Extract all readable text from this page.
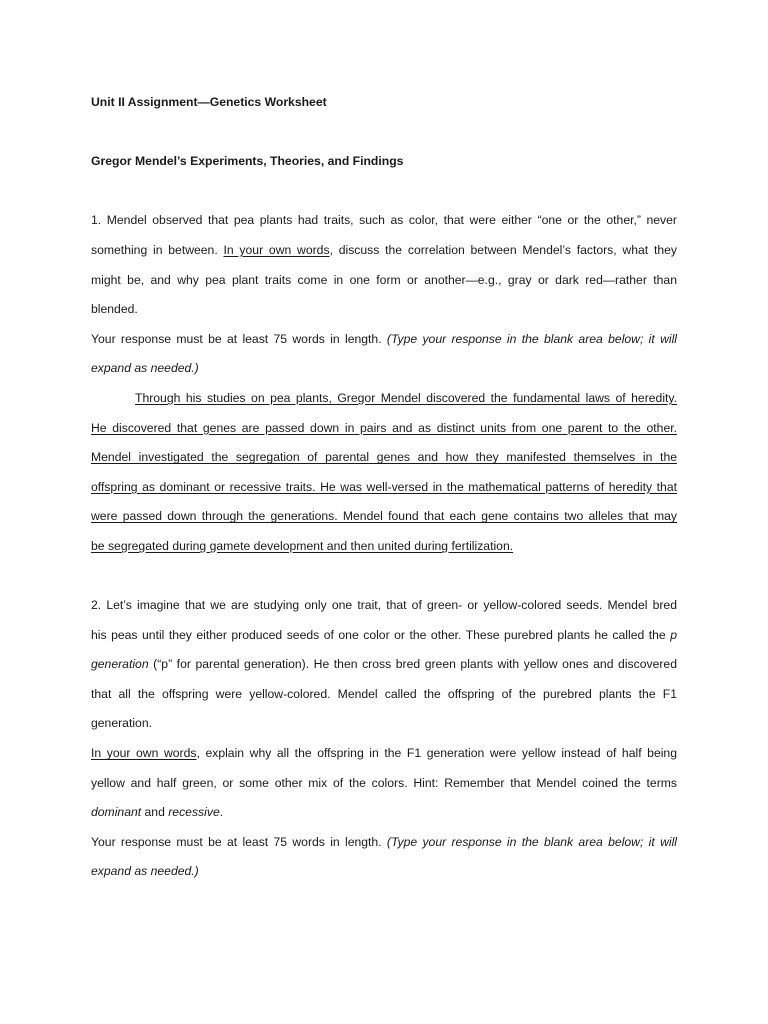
Unit II Assignment—Genetics Worksheet
Gregor Mendel’s Experiments, Theories, and Findings
1. Mendel observed that pea plants had traits, such as color, that were either “one or the other,” never
something in between. In your own words, discuss the correlation between Mendel’s factors, what they
might be, and why pea plant traits come in one form or another—e.g., gray or dark red—rather than
blended.
Your response must be at least 75 words in length. (Type your response in the blank area below; it will
expand as needed.)
Through his studies on pea plants, Gregor Mendel discovered the fundamental laws of heredity.
He discovered that genes are passed down in pairs and as distinct units from one parent to the other.
Mendel investigated the segregation of parental genes and how they manifested themselves in the
offspring as dominant or recessive traits. He was well-versed in the mathematical patterns of heredity that
were passed down through the generations. Mendel found that each gene contains two alleles that may
be segregated during gamete development and then united during fertilization.
2. Let’s imagine that we are studying only one trait, that of green- or yellow-colored seeds. Mendel bred
his peas until they either produced seeds of one color or the other. These purebred plants he called the p
generation (“p” for parental generation). He then cross bred green plants with yellow ones and discovered
that all the offspring were yellow-colored. Mendel called the offspring of the purebred plants the F1
generation.
In your own words, explain why all the offspring in the F1 generation were yellow instead of half being
yellow and half green, or some other mix of the colors. Hint: Remember that Mendel coined the terms
dominant and recessive.
Your response must be at least 75 words in length. (Type your response in the blank area below; it will
expand as needed.)
